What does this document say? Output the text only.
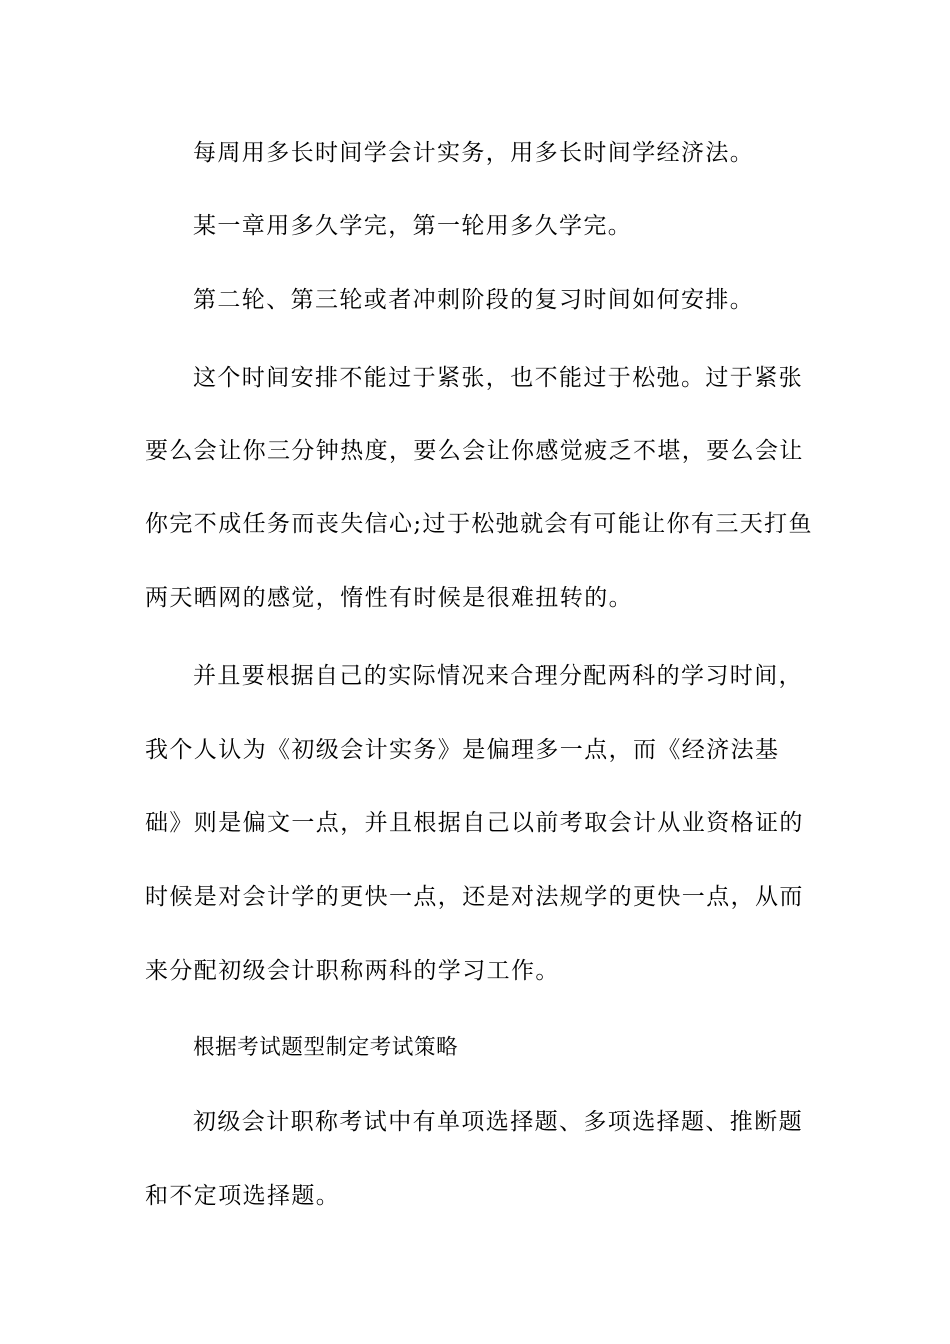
每周用多长时间学会计实务，用多长时间学经济法。
某一章用多久学完，第一轮用多久学完。
第二轮、第三轮或者冲刺阶段的复习时间如何安排。
这个时间安排不能过于紧张，也不能过于松弛。过于紧张
要么会让你三分钟热度，要么会让你感觉疲乏不堪，要么会让
你完不成任务而丧失信心;过于松弛就会有可能让你有三天打鱼
两天晒网的感觉，惰性有时候是很难扭转的。
并且要根据自己的实际情况来合理分配两科的学习时间，
我个人认为《初级会计实务》是偏理多一点，而《经济法基
础》则是偏文一点，并且根据自己以前考取会计从业资格证的
时候是对会计学的更快一点，还是对法规学的更快一点，从而
来分配初级会计职称两科的学习工作。
根据考试题型制定考试策略
初级会计职称考试中有单项选择题、多项选择题、推断题
和不定项选择题。
